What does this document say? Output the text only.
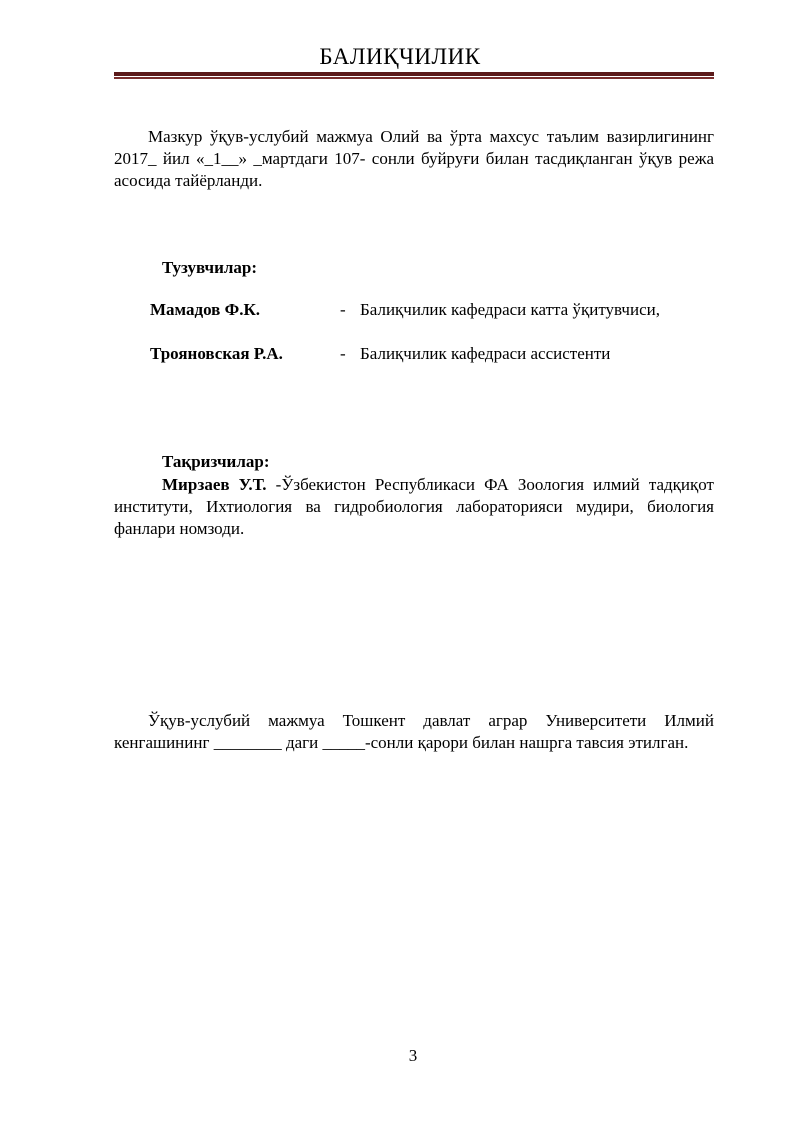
БАЛИҚЧИЛИК
Мазкур ўқув-услубий мажмуа Олий ва ўрта махсус таълим вазирлигининг 2017_ йил «_1__» _мартдаги 107- сонли буйруғи билан тасдиқланган ўқув режа асосида тайёрланди.
Тузувчилар:
Мамадов Ф.К.	- Балиқчилик кафедраси катта ўқитувчиси,
Трояновская Р.А.	- Балиқчилик кафедраси ассистенти
Тақризчилар:
Мирзаев У.Т. -Ўзбекистон Республикаси ФА Зоология илмий тадқиқот институти, Ихтиология ва гидробиология лабораторияси мудири, биология фанлари номзоди.
Ўқув-услубий мажмуа Тошкент давлат аграр Университети Илмий кенгашининг ________ даги _____-сонли қарори билан нашрга тавсия этилган.
3
